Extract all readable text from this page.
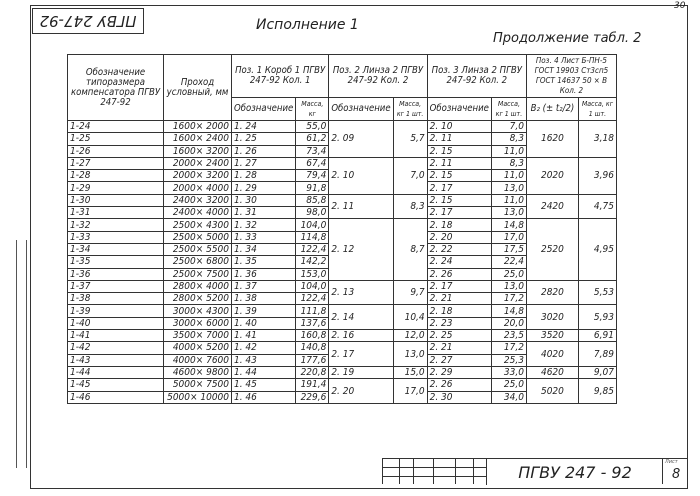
ПГВУ 247-92
30
Исполнение 1
Продолжение табл. 2
Обозначение типоразмера компенсатора ПГВУ 247-92	Проход условный, мм	Поз. 1 Короб 1 ПГВУ 247-92 Кол. 1		Поз. 2 Линза 2 ПГВУ 247-92 Кол. 2		Поз. 3 Линза 2 ПГВУ 247-92 Кол. 2		Поз. 4 Лист Б-ПН-5 ГОСТ 19903 Ст3сп5 ГОСТ 14637 50 × В Кол. 2	
		Обозначение	Масса, кг	Обозначение	Масса, кг 1 шт.	Обозначение	Масса, кг 1 шт.	В₂ (± t₂/2)	Масса, кг 1 шт.
1-24	1600× 2000	1. 24	55,0	2. 09	5,7	2. 10	7,0	1620	3,18
1-25	1600× 2400	1. 25	61,2			2. 11	8,3		
1-26	1600× 3200	1. 26	73,4			2. 15	11,0		
1-27	2000× 2400	1. 27	67,4	2. 10	7,0	2. 11	8,3	2020	3,96
1-28	2000× 3200	1. 28	79,4			2. 15	11,0		
1-29	2000× 4000	1. 29	91,8			2. 17	13,0		
1-30	2400× 3200	1. 30	85,8	2. 11	8,3	2. 15	11,0	2420	4,75
1-31	2400× 4000	1. 31	98,0			2. 17	13,0		
1-32	2500× 4300	1. 32	104,0	2. 12	8,7	2. 18	14,8	2520	4,95
1-33	2500× 5000	1. 33	114,8			2. 20	17,0		
1-34	2500× 5500	1. 34	122,4			2. 22	17,5		
1-35	2500× 6800	1. 35	142,2			2. 24	22,4		
1-36	2500× 7500	1. 36	153,0			2. 26	25,0		
1-37	2800× 4000	1. 37	104,0	2. 13	9,7	2. 17	13,0	2820	5,53
1-38	2800× 5200	1. 38	122,4			2. 21	17,2		
1-39	3000× 4300	1. 39	111,8	2. 14	10,4	2. 18	14,8	3020	5,93
1-40	3000× 6000	1. 40	137,6			2. 23	20,0		
1-41	3500× 7000	1. 41	160,8	2. 16	12,0	2. 25	23,5	3520	6,91
1-42	4000× 5200	1. 42	140,8	2. 17	13,0	2. 21	17,2	4020	7,89
1-43	4000× 7600	1. 43	177,6			2. 27	25,3		
1-44	4600× 9800	1. 44	220,8	2. 19	15,0	2. 29	33,0	4620	9,07
1-45	5000× 7500	1. 45	191,4	2. 20	17,0	2. 26	25,0	5020	9,85
1-46	5000× 10000	1. 46	229,6			2. 30	34,0		
ПГВУ 247 - 92
Лист
8
